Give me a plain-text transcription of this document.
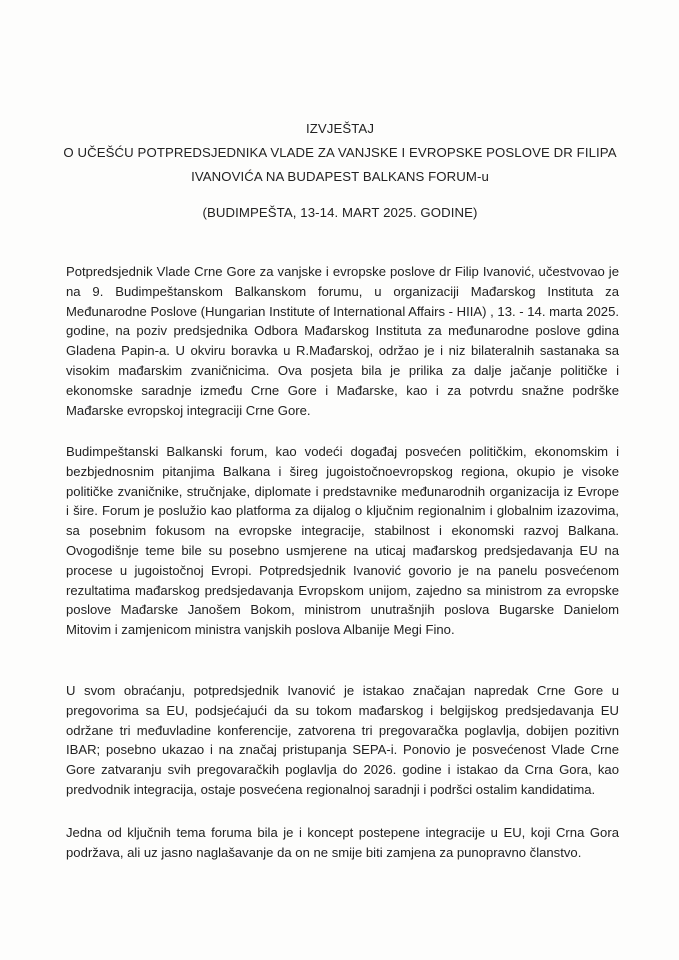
IZVJEŠTAJ
O UČEŠĆU POTPREDSJEDNIKA VLADE ZA VANJSKE I EVROPSKE POSLOVE DR FILIPA
IVANOVIĆA NA BUDAPEST BALKANS FORUM-u
(BUDIMPEŠTA, 13-14. MART 2025. GODINE)

Potpredsjednik Vlade Crne Gore za vanjske i evropske poslove dr Filip Ivanović, učestvovao je na 9. Budimpeštanskom Balkanskom forumu, u organizaciji Mađarskog Instituta za Međunarodne Poslove (Hungarian Institute of International Affairs - HIIA) , 13. - 14. marta 2025. godine, na poziv predsjednika Odbora Mađarskog Instituta za međunarodne poslove gdina Gladena Papin-a. U okviru boravka u R.Mađarskoj, održao je i niz bilateralnih sastanaka sa visokim mađarskim zvaničnicima. Ova posjeta bila je prilika za dalje jačanje političke i ekonomske saradnje između Crne Gore i Mađarske, kao i za potvrdu snažne podrške Mađarske evropskoj integraciji Crne Gore.

Budimpeštanski Balkanski forum, kao vodeći događaj posvećen političkim, ekonomskim i bezbjednosnim pitanjima Balkana i šireg jugoistočnoevropskog regiona, okupio je visoke političke zvaničnike, stručnjake, diplomate i predstavnike međunarodnih organizacija iz Evrope i šire. Forum je poslužio kao platforma za dijalog o ključnim regionalnim i globalnim izazovima, sa posebnim fokusom na evropske integracije, stabilnost i ekonomski razvoj Balkana. Ovogodišnje teme bile su posebno usmjerene na uticaj mađarskog predsjedavanja EU na procese u jugoistočnoj Evropi. Potpredsjednik Ivanović govorio je na panelu posvećenom rezultatima mađarskog predsjedavanja Evropskom unijom, zajedno sa ministrom za evropske poslove Mađarske Janošem Bokom, ministrom unutrašnjih poslova Bugarske Danielom Mitovim i zamjenicom ministra vanjskih poslova Albanije Megi Fino.

U svom obraćanju, potpredsjednik Ivanović je istakao značajan napredak Crne Gore u pregovorima sa EU, podsjećajući da su tokom mađarskog i belgijskog predsjedavanja EU održane tri međuvladine konferencije, zatvorena tri pregovaračka poglavlja, dobijen pozitivn IBAR; posebno ukazao i na značaj pristupanja SEPA-i. Ponovio je posvećenost Vlade Crne Gore zatvaranju svih pregovaračkih poglavlja do 2026. godine i istakao da Crna Gora, kao predvodnik integracija, ostaje posvećena regionalnoj saradnji i podršci ostalim kandidatima.

Jedna od ključnih tema foruma bila je i koncept postepene integracije u EU, koji Crna Gora podržava, ali uz jasno naglašavanje da on ne smije biti zamjena za punopravno članstvo.
